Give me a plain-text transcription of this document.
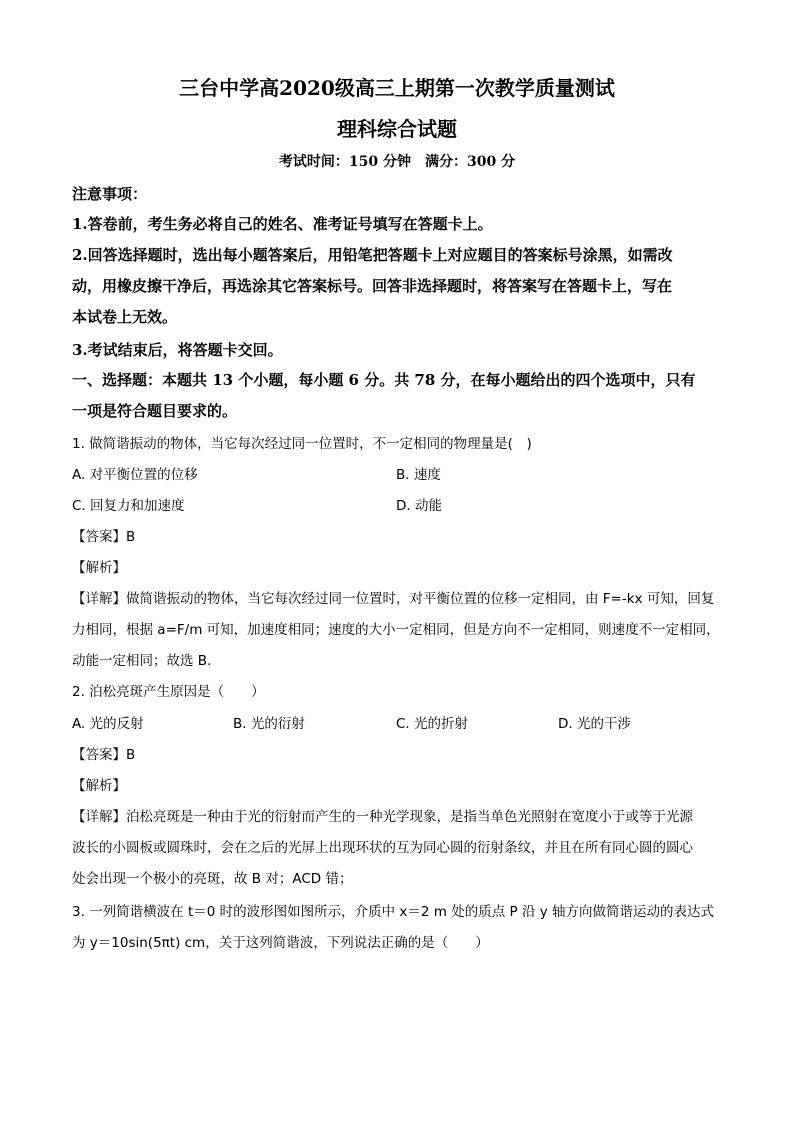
三台中学高2020级高三上期第一次教学质量测试
理科综合试题
考试时间：150 分钟　满分：300 分
注意事项：
1.答卷前，考生务必将自己的姓名、准考证号填写在答题卡上。
2.回答选择题时，选出每小题答案后，用铅笔把答题卡上对应题目的答案标号涂黑，如需改
动，用橡皮擦干净后，再选涂其它答案标号。回答非选择题时，将答案写在答题卡上，写在
本试卷上无效。
3.考试结束后，将答题卡交回。
一、选择题：本题共 13 个小题，每小题 6 分。共 78 分，在每小题给出的四个选项中，只有
一项是符合题目要求的。
1. 做简谐振动的物体，当它每次经过同一位置时，不一定相同的物理量是(　)
A. 对平衡位置的位移	B. 速度
C. 回复力和加速度	D. 动能
【答案】B
【解析】
【详解】做简谐振动的物体，当它每次经过同一位置时，对平衡位置的位移一定相同，由 F=-kx 可知，回复
力相同，根据 a=F/m 可知，加速度相同；速度的大小一定相同，但是方向不一定相同，则速度不一定相同，
动能一定相同；故选 B.
2. 泊松亮斑产生原因是（　　）
A. 光的反射	B. 光的衍射	C. 光的折射	D. 光的干涉
【答案】B
【解析】
【详解】泊松亮斑是一种由于光的衍射而产生的一种光学现象，是指当单色光照射在宽度小于或等于光源
波长的小圆板或圆珠时，会在之后的光屏上出现环状的互为同心圆的衍射条纹，并且在所有同心圆的圆心
处会出现一个极小的亮斑，故 B 对；ACD 错；
3. 一列简谐横波在 t＝0 时的波形图如图所示，介质中 x＝2 m 处的质点 P 沿 y 轴方向做简谐运动的表达式
为 y＝10sin(5πt) cm，关于这列简谐波，下列说法正确的是（　　）
